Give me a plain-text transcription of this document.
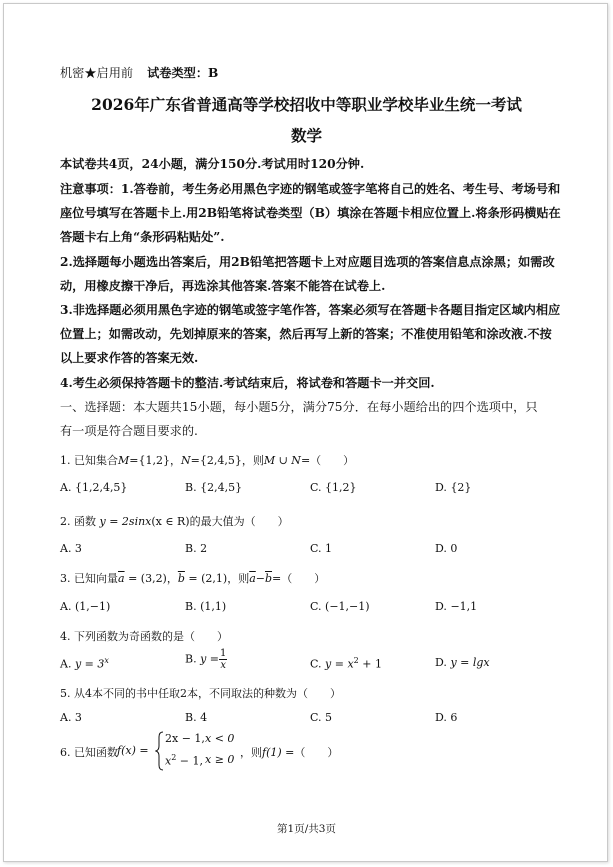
机密★启用前 试卷类型：B
2026年广东省普通高等学校招收中等职业学校毕业生统一考试
数学
本试卷共4页，24小题，满分150分.考试用时120分钟.
注意事项：1.答卷前，考生务必用黑色字迹的钢笔或签字笔将自己的姓名、考生号、考场号和
座位号填写在答题卡上.用2B铅笔将试卷类型（B）填涂在答题卡相应位置上.将条形码横贴在
答题卡右上角“条形码粘贴处”.
2.选择题每小题选出答案后，用2B铅笔把答题卡上对应题目选项的答案信息点涂黑；如需改
动，用橡皮擦干净后，再选涂其他答案.答案不能答在试卷上.
3.非选择题必须用黑色字迹的钢笔或签字笔作答，答案必须写在答题卡各题目指定区域内相应
位置上；如需改动，先划掉原来的答案，然后再写上新的答案；不准使用铅笔和涂改液.不按
以上要求作答的答案无效.
4.考生必须保持答题卡的整洁.考试结束后，将试卷和答题卡一并交回.
一、选择题：本大题共15小题，每小题5分，满分75分．在每小题给出的四个选项中，只
有一项是符合题目要求的.
1. 已知集合M={1,2}，N={2,4,5}，则M ∪ N=（　　）
A. {1,2,4,5}	B. {2,4,5}	C. {1,2}	D. {2}
2. 函数 y = 2sinx(x ∈ R)的最大值为（　　）
A. 3	B. 2	C. 1	D. 0
3. 已知向量$\overline{a} = (3,2)$，$\overline{b} = (2,1)$，则$\overline{a}-\overline{b}=$（　　）
A. (1,−1)	B. (1,1)	C. (−1,−1)	D. −1,1
4. 下列函数为奇函数的是（　　）
A. $y = 3^x$	B. $y = \frac{1}{x}$	C. $y = x^2 + 1$	D. y = lgx
5. 从4本不同的书中任取2本，不同取法的种数为（　　）
A. 3	B. 4	C. 5	D. 6
6. 已知函数 f(x) =
2x − 1, x < 0
$x^2 - 1$, x ≥ 0
，则f(1) =（　　）
第1页/共3页
